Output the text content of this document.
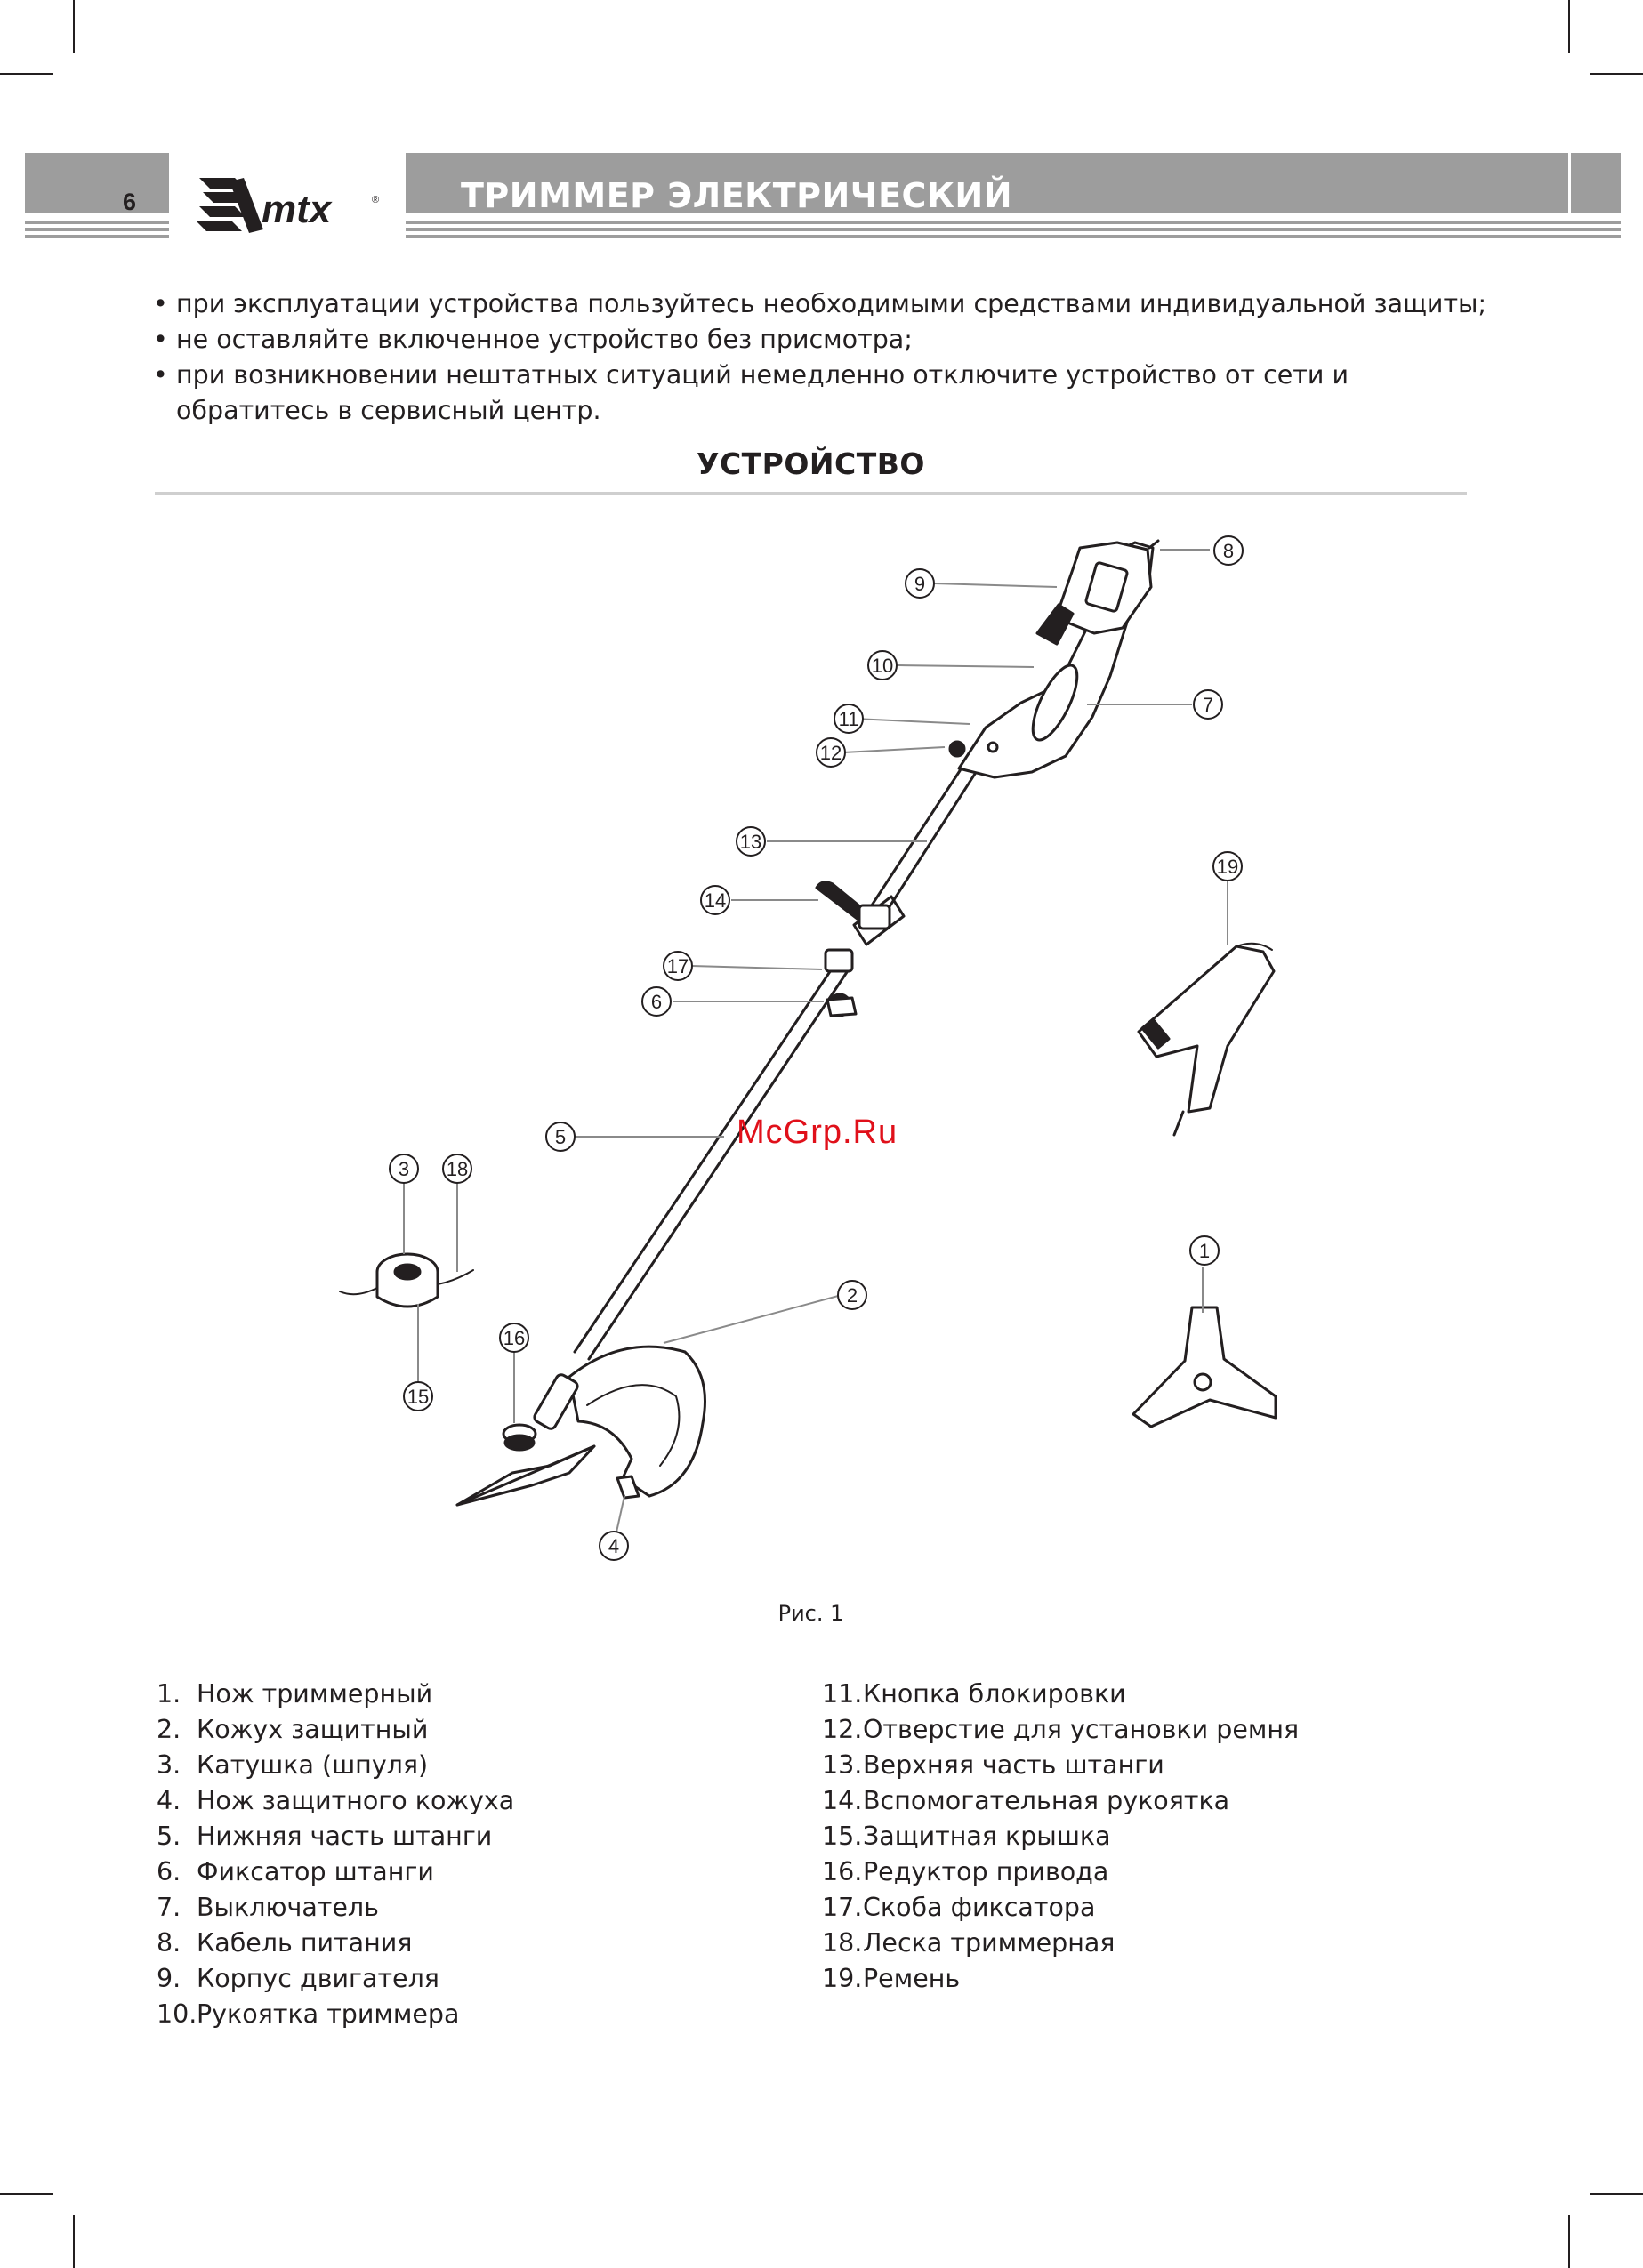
6	mtx	® ТРИММЕР ЭЛЕКТРИЧЕСКИЙ
• при эксплуатации устройства пользуйтесь необходимыми средствами индивидуальной защиты;
• не оставляйте включенное устройство без присмотра;
• при возникновении нештатных ситуаций немедленно отключите устройство от сети и обратитесь в сервисный центр.
УСТРОЙСТВО
8
9
10
7
11
12
13
19
14
17
6
5
3 18
2
1
16
15
4
McGrp.Ru
Рис. 1
1. Нож триммерный
2. Кожух защитный
3. Катушка (шпуля)
4. Нож защитного кожуха
5. Нижняя часть штанги
6. Фиксатор штанги
7. Выключатель
8. Кабель питания
9. Корпус двигателя
10.Рукоятка триммера
11.Кнопка блокировки
12.Отверстие для установки ремня
13.Верхняя часть штанги
14.Вспомогательная рукоятка
15.Защитная крышка
16.Редуктор привода
17.Скоба фиксатора
18.Леска триммерная
19.Ремень
